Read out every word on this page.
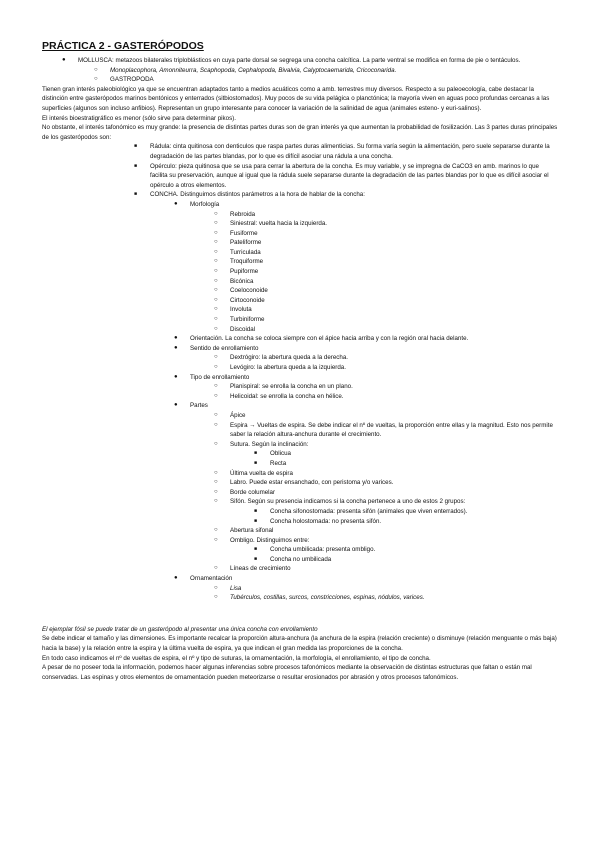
PRÁCTICA 2 - GASTERÓPODOS
● MOLLUSCA: metazoos bilaterales triploblásticos en cuya parte dorsal se segrega una concha calcítica. La parte ventral se modifica en forma de pie o tentáculos.
○ Monoplacophora, Amonniteurra, Scaphopoda, Cephalopoda, Bivalvia, Calyptocaemarida, Cricoconarida.
○ GASTROPODA
Tienen gran interés paleobiológico ya que se encuentran adaptados tanto a medios acuáticos como a amb. terrestres muy diversos. Respecto a su paleoecología, cabe destacar la distinción entre gasterópodos marinos bentónicos y enterrados (sitbiostomados). Muy pocos de su vida pelágica o planctónica; la mayoría viven en aguas poco profundas cercanas a las superficies (algunos son incluso anfibios). Representan un grupo interesante para conocer la variación de la salinidad de agua (animales esteno- y euri-salinos).
El interés bioestratigráfico es menor (sólo sirve para determinar pikos).
No obstante, el interés tafonómico es muy grande: la presencia de distintas partes duras son de gran interés ya que aumentan la probabilidad de fosilización. Las 3 partes duras principales de los gasterópodos son:
■ Rádula: cinta quitinosa con denticulos que raspa partes duras alimenticias. Su forma varía según la alimentación, pero suele separarse durante la degradación de las partes blandas, por lo que es difícil asociar una rádula a una concha.
■ Opérculo: pieza quitinosa que se usa para cerrar la abertura de la concha. Es muy variable, y se impregna de CaCO3 en amb. marinos lo que facilita su preservación, aunque al igual que la rádula suele separarse durante la degradación de las partes blandas por lo que es difícil asociar el opérculo a otros elementos.
■ CONCHA. Distinguimos distintos parámetros a la hora de hablar de la concha:
● Morfología
○ Rebroida
○ Siniestral: vuelta hacia la izquierda.
○ Fusiforme
○ Pateliforme
○ Turriculada
○ Troquiforme
○ Pupiforme
○ Bicónica
○ Coeloconoide
○ Cirtoconoide
○ Involuta
○ Turbiniforme
○ Discoidal
● Orientación. La concha se coloca siempre con el ápice hacia arriba y con la región oral hacia delante.
● Sentido de enrollamiento
○ Dextrógiro: la abertura queda a la derecha.
○ Levógiro: la abertura queda a la izquierda.
● Tipo de enrollamiento
○ Planispiral: se enrolla la concha en un plano.
○ Helicoidal: se enrolla la concha en hélice.
● Partes
○ Ápice
○ Espira → Vueltas de espira. Se debe indicar el nº de vueltas, la proporción entre ellas y la magnitud. Esto nos permite saber la relación altura-anchura durante el crecimiento.
○ Sutura. Según la inclinación:
■ Oblicua
■ Recta
○ Última vuelta de espira
○ Labro. Puede estar ensanchado, con peristoma y/o varices.
○ Borde columelar
○ Sifón. Según su presencia indicamos si la concha pertenece a uno de estos 2 grupos:
■ Concha sifonostomada: presenta sifón (animales que viven enterrados).
■ Concha holostomada: no presenta sifón.
○ Abertura sifonal
○ Ombligo. Distinguimos entre:
■ Concha umbilicada: presenta ombligo.
■ Concha no umbilicada
○ Líneas de crecimiento
● Ornamentación
○ Lisa
○ Tubérculos, costillas, surcos, constricciones, espinas, nódulos, varices.
El ejemplar fósil se puede tratar de un gasterópodo al presentar una única concha con enrollamiento
Se debe indicar el tamaño y las dimensiones. Es importante recalcar la proporción altura-anchura (la anchura de la espira (relación creciente) o disminuye (relación menguante o más baja) hacia la base) y la relación entre la espira y la última vuelta de espira, ya que indican el gran medida las proporciones de la concha.
En todo caso indicamos el nº de vueltas de espira, el nº y tipo de suturas, la ornamentación, la morfología, el enrollamiento, el tipo de concha.
A pesar de no poseer toda la información, podemos hacer algunas inferencias sobre procesos tafonómicos mediante la observación de distintas estructuras que faltan o están mal conservadas. Las espinas y otros elementos de ornamentación pueden meteorizarse o resultar erosionados por abrasión y otros procesos tafonómicos.
